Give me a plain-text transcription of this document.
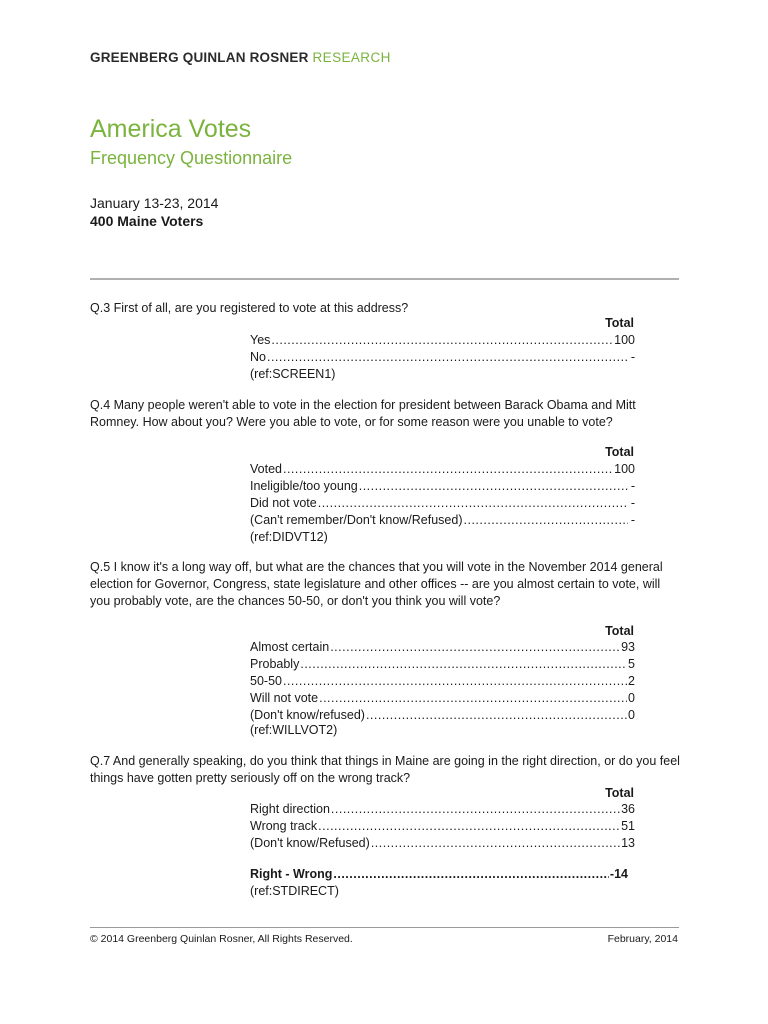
GREENBERG QUINLAN ROSNER RESEARCH
America Votes
Frequency Questionnaire
January 13-23, 2014
400 Maine Voters
Q.3 First of all, are you registered to vote at this address?
Total
Yes .....	100
No .....	-
(ref:SCREEN1)
Q.4 Many people weren't able to vote in the election for president between Barack Obama and Mitt Romney. How about you? Were you able to vote, or for some reason were you unable to vote?
Total
Voted .....	100
Ineligible/too young .....	-
Did not vote .....	-
(Can't remember/Don't know/Refused) .....	-
(ref:DIDVT12)
Q.5 I know it's a long way off, but what are the chances that you will vote in the November 2014 general election for Governor, Congress, state legislature and other offices -- are you almost certain to vote, will you probably vote, are the chances 50-50, or don't you think you will vote?
Total
Almost certain .....	93
Probably .....	5
50-50 .....	2
Will not vote .....	0
(Don't know/refused) .....	0
(ref:WILLVOT2)
Q.7 And generally speaking, do you think that things in Maine are going in the right direction, or do you feel things have gotten pretty seriously off on the wrong track?
Total
Right direction .....	36
Wrong track .....	51
(Don't know/Refused) .....	13
Right - Wrong .....	-14
(ref:STDIRECT)
© 2014 Greenberg Quinlan Rosner, All Rights Reserved.	February, 2014
